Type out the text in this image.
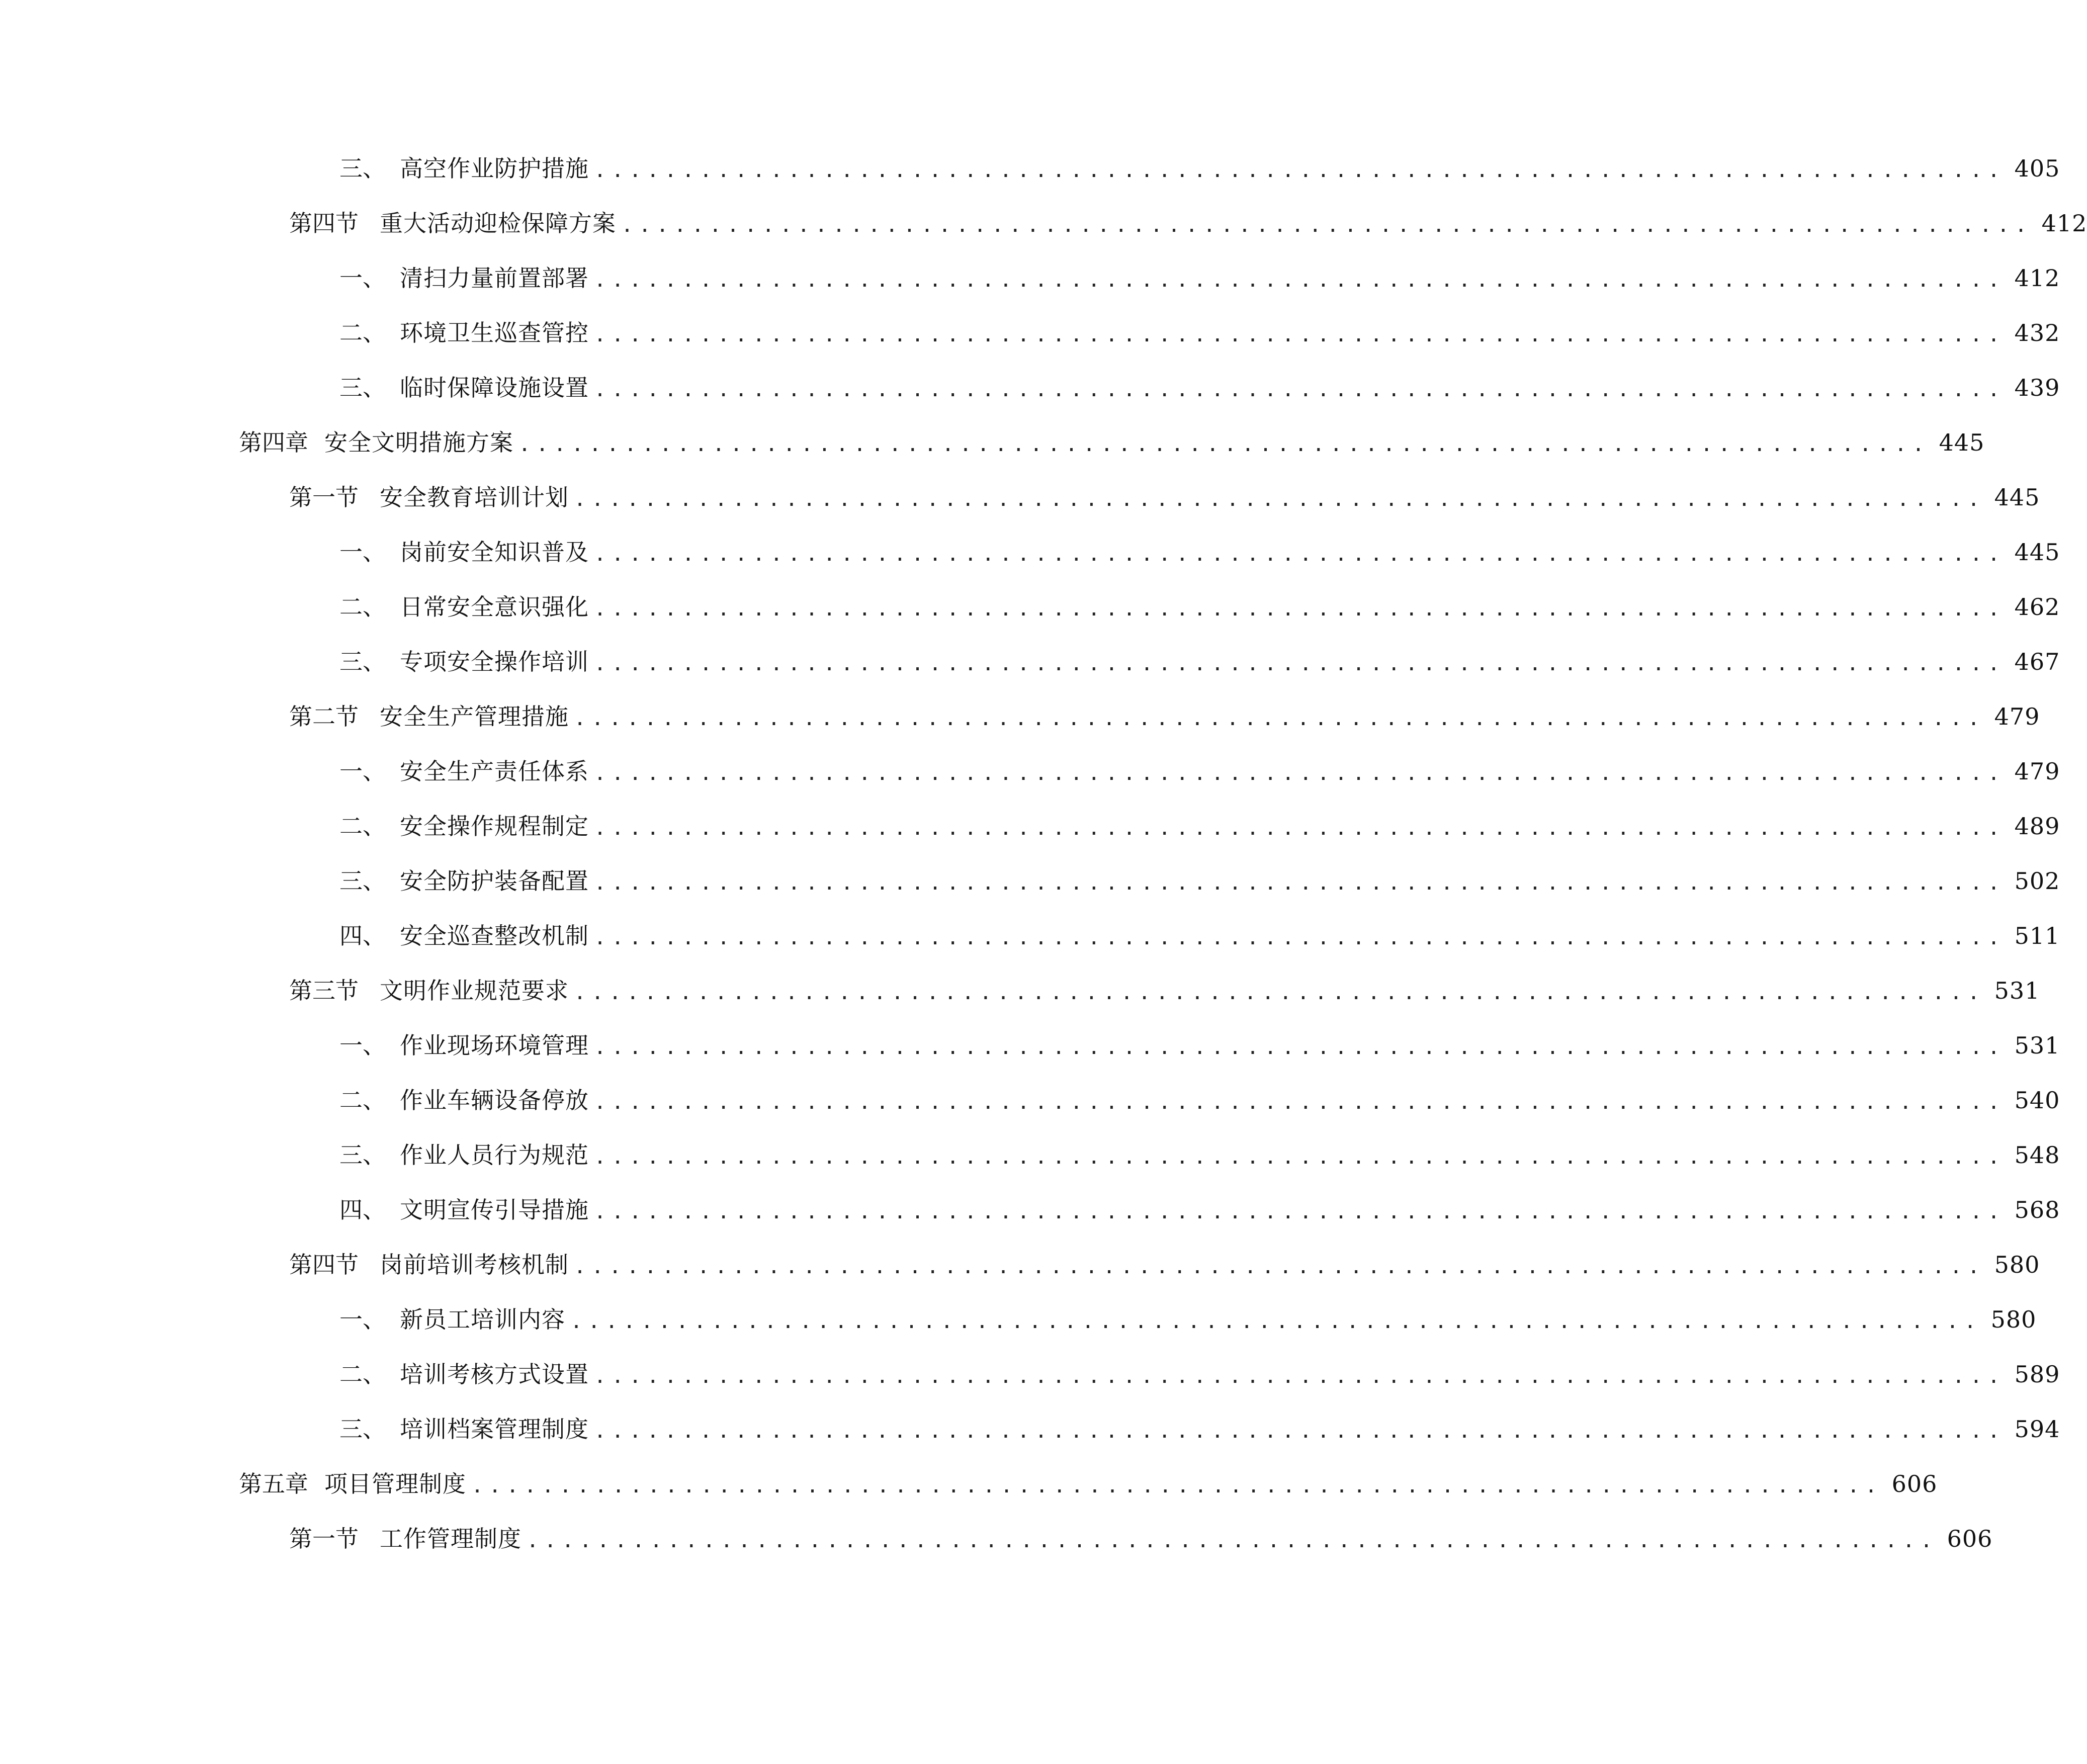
三、 高空作业防护措施 ................................................................................ 405
第四节 重大活动迎检保障方案 ................................................................................ 412
一、 清扫力量前置部署 ................................................................................ 412
二、 环境卫生巡查管控 ................................................................................ 432
三、 临时保障设施设置 ................................................................................ 439
第四章 安全文明措施方案 ................................................................................ 445
第一节 安全教育培训计划 ................................................................................ 445
一、 岗前安全知识普及 ................................................................................ 445
二、 日常安全意识强化 ................................................................................ 462
三、 专项安全操作培训 ................................................................................ 467
第二节 安全生产管理措施 ................................................................................ 479
一、 安全生产责任体系 ................................................................................ 479
二、 安全操作规程制定 ................................................................................ 489
三、 安全防护装备配置 ................................................................................ 502
四、 安全巡查整改机制 ................................................................................ 511
第三节 文明作业规范要求 ................................................................................ 531
一、 作业现场环境管理 ................................................................................ 531
二、 作业车辆设备停放 ................................................................................ 540
三、 作业人员行为规范 ................................................................................ 548
四、 文明宣传引导措施 ................................................................................ 568
第四节 岗前培训考核机制 ................................................................................ 580
一、 新员工培训内容 ................................................................................ 580
二、 培训考核方式设置 ................................................................................ 589
三、 培训档案管理制度 ................................................................................ 594
第五章 项目管理制度 ................................................................................ 606
第一节 工作管理制度 ................................................................................ 606
